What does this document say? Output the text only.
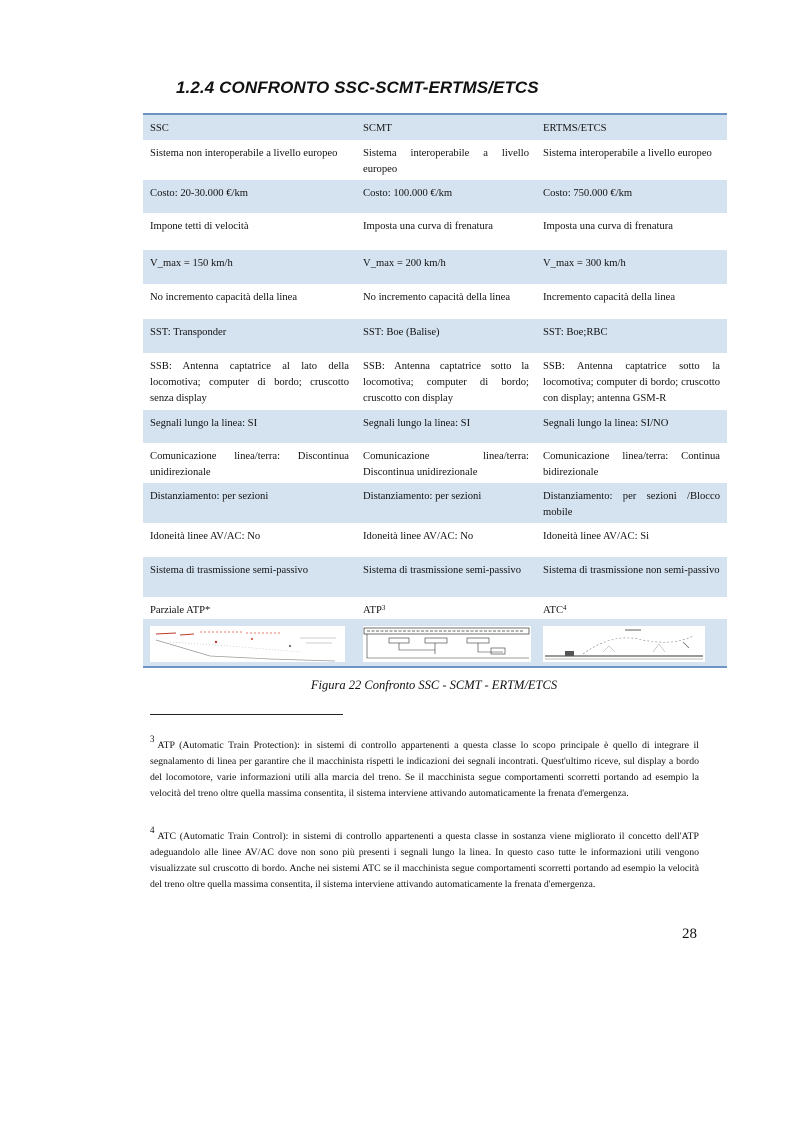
1.2.4 CONFRONTO SSC-SCMT-ERTMS/ETCS
SSC	SCMT	ERTMS/ETCS
Sistema non interoperabile a livello europeo	Sistema interoperabile a livello europeo	Sistema interoperabile a livello europeo
Costo: 20-30.000 €/km	Costo: 100.000 €/km	Costo: 750.000 €/km
Impone tetti di velocità	Imposta una curva di frenatura	Imposta una curva di frenatura
V_max = 150 km/h	V_max = 200 km/h	V_max = 300 km/h
No incremento capacità della linea	No incremento capacità della linea	Incremento capacità della linea
SST: Transponder	SST: Boe (Balise)	SST: Boe;RBC
SSB: Antenna captatrice al lato della locomotiva; computer di bordo; cruscotto senza display	SSB: Antenna captatrice sotto la locomotiva; computer di bordo; cruscotto con display	SSB: Antenna captatrice sotto la locomotiva; computer di bordo; cruscotto con display; antenna GSM-R
Segnali lungo la linea: SI	Segnali lungo la linea: SI	Segnali lungo la linea: SI/NO
Comunicazione linea/terra: Discontinua unidirezionale	Comunicazione linea/terra: Discontinua unidirezionale	Comunicazione linea/terra: Continua bidirezionale
Distanziamento: per sezioni	Distanziamento: per sezioni	Distanziamento: per sezioni /Blocco mobile
Idoneità linee AV/AC: No	Idoneità linee AV/AC: No	Idoneità linee AV/AC: Si
Sistema di trasmissione semi-passivo	Sistema di trasmissione semi-passivo	Sistema di trasmissione non semi-passivo
Parziale ATP*	ATP$^3$	ATC$^4$

Figura 22 Confronto SSC - SCMT - ERTM/ETCS
3ATP (Automatic Train Protection): in sistemi di controllo appartenenti a questa classe lo scopo principale è quello di integrare il segnalamento di linea per garantire che il macchinista rispetti le indicazioni dei segnali incontrati. Quest'ultimo riceve, sul display a bordo del locomotore, varie informazioni utili alla marcia del treno. Se il macchinista segue comportamenti scorretti portando ad esempio la velocità del treno oltre quella massima consentita, il sistema interviene attivando automaticamente la frenata d'emergenza.
4ATC (Automatic Train Control): in sistemi di controllo appartenenti a questa classe in sostanza viene migliorato il concetto dell'ATP adeguandolo alle linee AV/AC dove non sono più presenti i segnali lungo la linea. In questo caso tutte le informazioni utili vengono visualizzate sul cruscotto di bordo. Anche nei sistemi ATC se il macchinista segue comportamenti scorretti portando ad esempio la velocità del treno oltre quella massima consentita, il sistema interviene attivando automaticamente la frenata d'emergenza.
28
